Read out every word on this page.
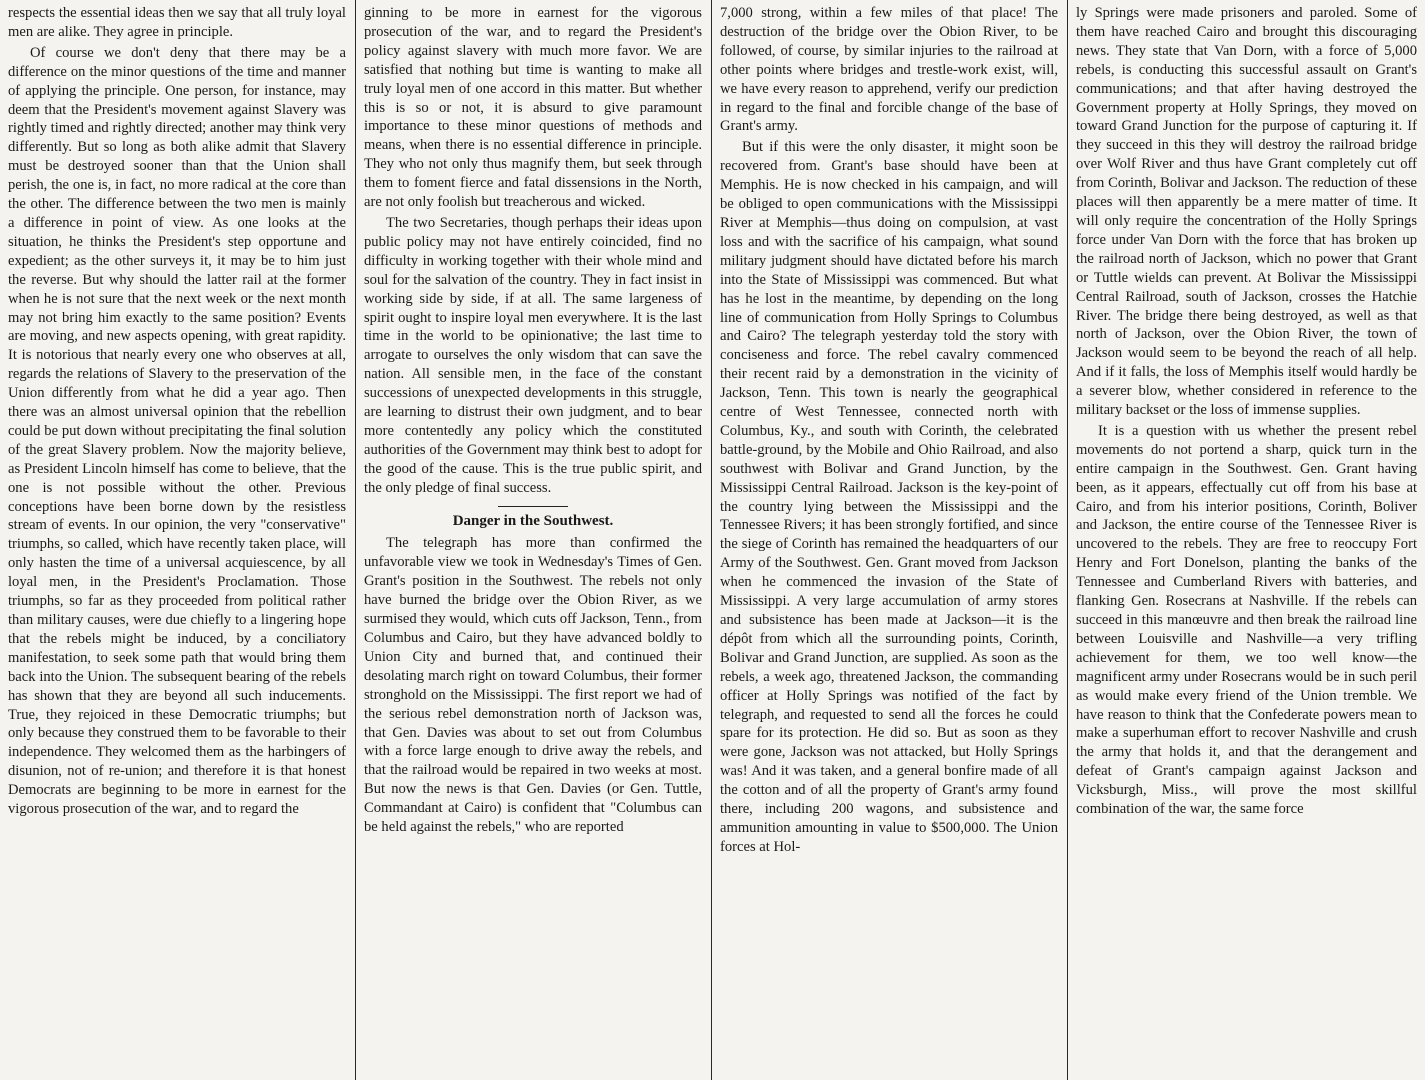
respects the essential ideas then we say that all truly loyal men are alike. They agree in principle.

Of course we don't deny that there may be a difference on the minor questions of the time and manner of applying the principle. One person, for instance, may deem that the President's movement against Slavery was rightly timed and rightly directed; another may think very differently. But so long as both alike admit that Slavery must be destroyed sooner than that the Union shall perish, the one is, in fact, no more radical at the core than the other. The difference between the two men is mainly a difference in point of view. As one looks at the situation, he thinks the President's step opportune and expedient; as the other surveys it, it may be to him just the reverse. But why should the latter rail at the former when he is not sure that the next week or the next month may not bring him exactly to the same position? Events are moving, and new aspects opening, with great rapidity. It is notorious that nearly every one who observes at all, regards the relations of Slavery to the preservation of the Union differently from what he did a year ago. Then there was an almost universal opinion that the rebellion could be put down without precipitating the final solution of the great Slavery problem. Now the majority believe, as President Lincoln himself has come to believe, that the one is not possible without the other. Previous conceptions have been borne down by the resistless stream of events. In our opinion, the very "conservative" triumphs, so called, which have recently taken place, will only hasten the time of a universal acquiescence, by all loyal men, in the President's Proclamation. Those triumphs, so far as they proceeded from political rather than military causes, were due chiefly to a lingering hope that the rebels might be induced, by a conciliatory manifestation, to seek some path that would bring them back into the Union. The subsequent bearing of the rebels has shown that they are beyond all such inducements. True, they rejoiced in these Democratic triumphs; but only because they construed them to be favorable to their independence. They welcomed them as the harbingers of disunion, not of re-union; and therefore it is that honest Democrats are beginning to be more in earnest for the vigorous prosecution of the war, and to regard the

ginning to be more in earnest for the vigorous prosecution of the war, and to regard the President's policy against slavery with much more favor. We are satisfied that nothing but time is wanting to make all truly loyal men of one accord in this matter. But whether this is so or not, it is absurd to give paramount importance to these minor questions of methods and means, when there is no essential difference in principle. They who not only thus magnify them, but seek through them to foment fierce and fatal dissensions in the North, are not only foolish but treacherous and wicked.

The two Secretaries, though perhaps their ideas upon public policy may not have entirely coincided, find no difficulty in working together with their whole mind and soul for the salvation of the country. They in fact insist in working side by side, if at all. The same largeness of spirit ought to inspire loyal men everywhere. It is the last time in the world to be opinionative; the last time to arrogate to ourselves the only wisdom that can save the nation. All sensible men, in the face of the constant successions of unexpected developments in this struggle, are learning to distrust their own judgment, and to bear more contentedly any policy which the constituted authorities of the Government may think best to adopt for the good of the cause. This is the true public spirit, and the only pledge of final success.

Danger in the Southwest.

The telegraph has more than confirmed the unfavorable view we took in Wednesday's Times of Gen. Grant's position in the Southwest. The rebels not only have burned the bridge over the Obion River, as we surmised they would, which cuts off Jackson, Tenn., from Columbus and Cairo, but they have advanced boldly to Union City and burned that, and continued their desolating march right on toward Columbus, their former stronghold on the Mississippi. The first report we had of the serious rebel demonstration north of Jackson was, that Gen. Davies was about to set out from Columbus with a force large enough to drive away the rebels, and that the railroad would be repaired in two weeks at most. But now the news is that Gen. Davies (or Gen. Tuttle, Commandant at Cairo) is confident that "Columbus can be held against the rebels," who are reported

7,000 strong, within a few miles of that place! The destruction of the bridge over the Obion River, to be followed, of course, by similar injuries to the railroad at other points where bridges and trestle-work exist, will, we have every reason to apprehend, verify our prediction in regard to the final and forcible change of the base of Grant's army.

But if this were the only disaster, it might soon be recovered from. Grant's base should have been at Memphis. He is now checked in his campaign, and will be obliged to open communications with the Mississippi River at Memphis—thus doing on compulsion, at vast loss and with the sacrifice of his campaign, what sound military judgment should have dictated before his march into the State of Mississippi was commenced. But what has he lost in the meantime, by depending on the long line of communication from Holly Springs to Columbus and Cairo? The telegraph yesterday told the story with conciseness and force. The rebel cavalry commenced their recent raid by a demonstration in the vicinity of Jackson, Tenn. This town is nearly the geographical centre of West Tennessee, connected north with Columbus, Ky., and south with Corinth, the celebrated battle-ground, by the Mobile and Ohio Railroad, and also southwest with Bolivar and Grand Junction, by the Mississippi Central Railroad. Jackson is the key-point of the country lying between the Mississippi and the Tennessee Rivers; it has been strongly fortified, and since the siege of Corinth has remained the headquarters of our Army of the Southwest. Gen. Grant moved from Jackson when he commenced the invasion of the State of Mississippi. A very large accumulation of army stores and subsistence has been made at Jackson—it is the dépôt from which all the surrounding points, Corinth, Bolivar and Grand Junction, are supplied. As soon as the rebels, a week ago, threatened Jackson, the commanding officer at Holly Springs was notified of the fact by telegraph, and requested to send all the forces he could spare for its protection. He did so. But as soon as they were gone, Jackson was not attacked, but Holly Springs was! And it was taken, and a general bonfire made of all the cotton and of all the property of Grant's army found there, including 200 wagons, and subsistence and ammunition amounting in value to $500,000. The Union forces at Hol-

ly Springs were made prisoners and paroled. Some of them have reached Cairo and brought this discouraging news. They state that Van Dorn, with a force of 5,000 rebels, is conducting this successful assault on Grant's communications; and that after having destroyed the Government property at Holly Springs, they moved on toward Grand Junction for the purpose of capturing it. If they succeed in this they will destroy the railroad bridge over Wolf River and thus have Grant completely cut off from Corinth, Bolivar and Jackson. The reduction of these places will then apparently be a mere matter of time. It will only require the concentration of the Holly Springs force under Van Dorn with the force that has broken up the railroad north of Jackson, which no power that Grant or Tuttle wields can prevent. At Bolivar the Mississippi Central Railroad, south of Jackson, crosses the Hatchie River. The bridge there being destroyed, as well as that north of Jackson, over the Obion River, the town of Jackson would seem to be beyond the reach of all help. And if it falls, the loss of Memphis itself would hardly be a severer blow, whether considered in reference to the military backset or the loss of immense supplies.

It is a question with us whether the present rebel movements do not portend a sharp, quick turn in the entire campaign in the Southwest. Gen. Grant having been, as it appears, effectually cut off from his base at Cairo, and from his interior positions, Corinth, Boliver and Jackson, the entire course of the Tennessee River is uncovered to the rebels. They are free to reoccupy Fort Henry and Fort Donelson, planting the banks of the Tennessee and Cumberland Rivers with batteries, and flanking Gen. Rosecrans at Nashville. If the rebels can succeed in this manœuvre and then break the railroad line between Louisville and Nashville—a very trifling achievement for them, we too well know—the magnificent army under Rosecrans would be in such peril as would make every friend of the Union tremble. We have reason to think that the Confederate powers mean to make a superhuman effort to recover Nashville and crush the army that holds it, and that the derangement and defeat of Grant's campaign against Jackson and Vicksburgh, Miss., will prove the most skillful combination of the war, the same force
